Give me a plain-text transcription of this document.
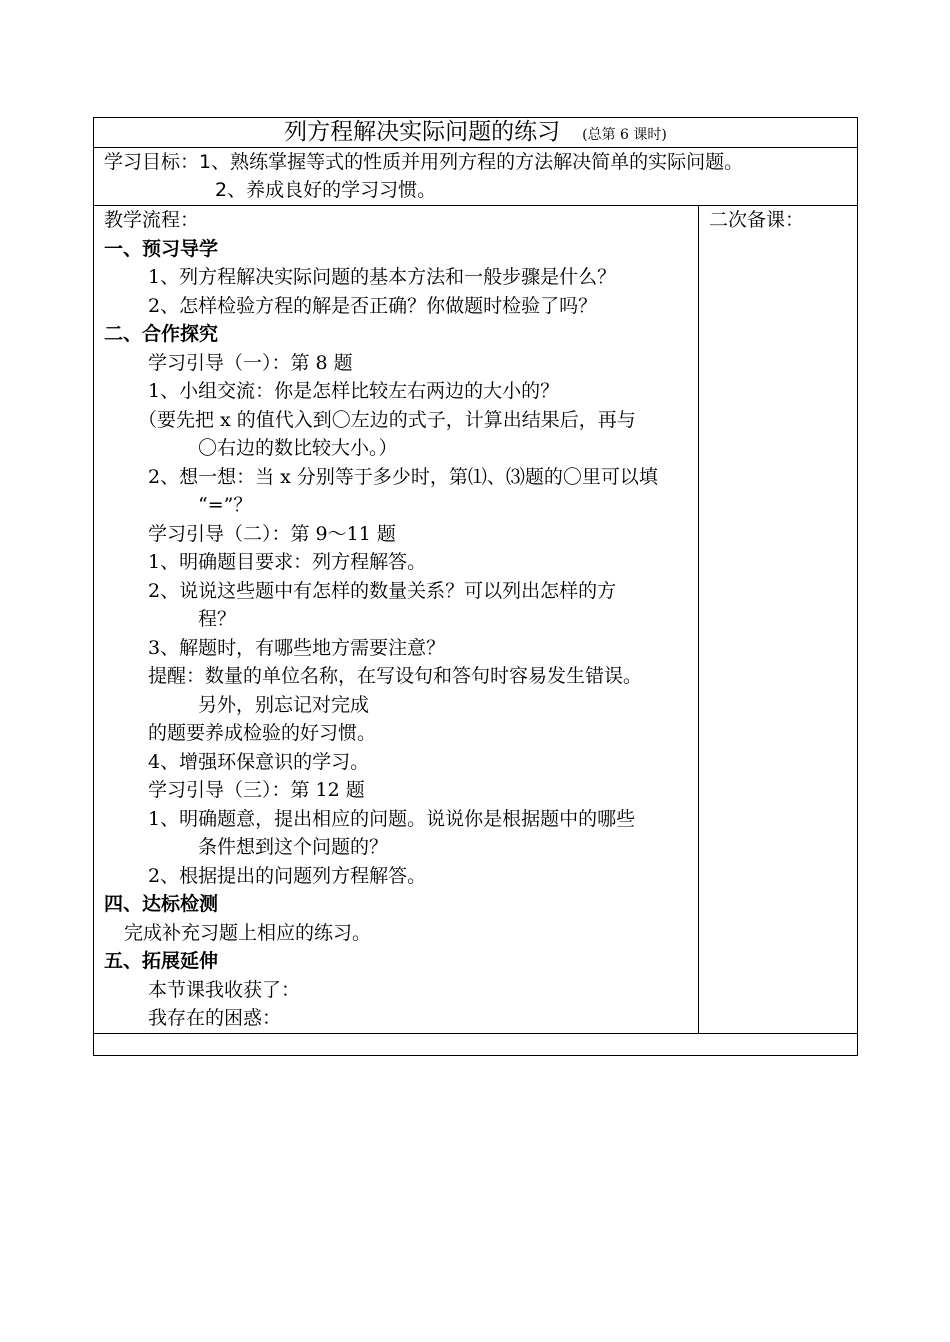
列方程解决实际问题的练习 (总第 6 课时)

学习目标：1、熟练掌握等式的性质并用列方程的方法解决简单的实际问题。
2、养成良好的学习习惯。

教学流程：
一、预习导学
1、列方程解决实际问题的基本方法和一般步骤是什么？
2、怎样检验方程的解是否正确？你做题时检验了吗？
二、合作探究
学习引导（一）：第 8 题
1、小组交流：你是怎样比较左右两边的大小的？
（要先把 x 的值代入到〇左边的式子，计算出结果后，再与
〇右边的数比较大小。）
2、想一想：当 x 分别等于多少时，第⑴、⑶题的〇里可以填
“=”？
学习引导（二）：第 9～11 题
1、明确题目要求：列方程解答。
2、说说这些题中有怎样的数量关系？可以列出怎样的方
程？
3、解题时，有哪些地方需要注意？
提醒：数量的单位名称，在写设句和答句时容易发生错误。
另外，别忘记对完成
的题要养成检验的好习惯。
4、增强环保意识的学习。
学习引导（三）：第 12 题
1、明确题意，提出相应的问题。说说你是根据题中的哪些
条件想到这个问题的？
2、根据提出的问题列方程解答。
四、达标检测
完成补充习题上相应的练习。
五、拓展延伸
本节课我收获了：
我存在的困惑：

二次备课：
